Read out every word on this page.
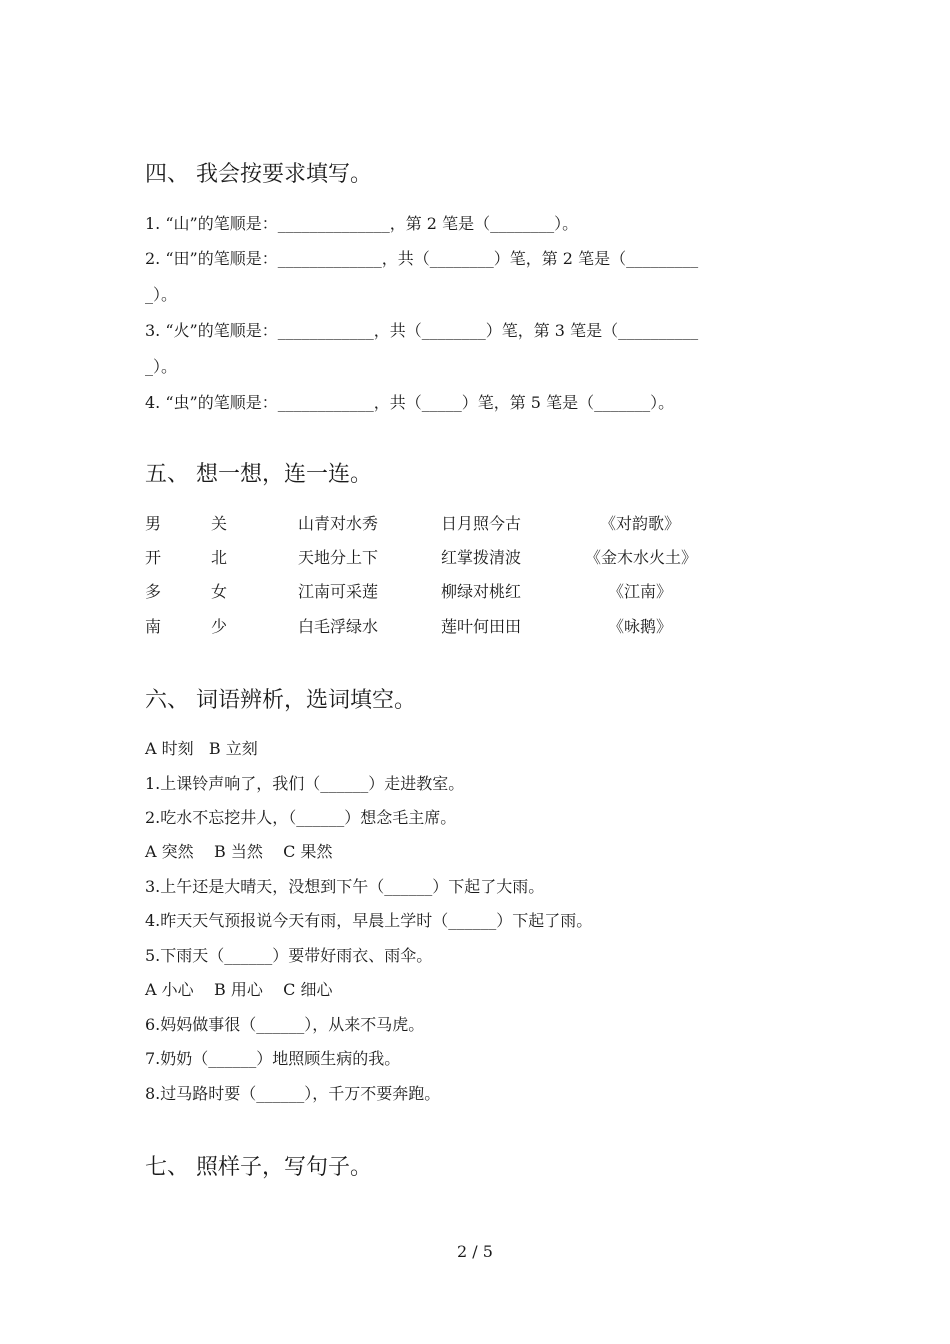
四、 我会按要求填写。
1. “山”的笔顺是：______________，第 2 笔是（________）。
2. “田”的笔顺是：_____________，共（________）笔，第 2 笔是（_________
_）。
3. “火”的笔顺是：____________，共（________）笔，第 3 笔是（__________
_）。
4. “虫”的笔顺是：____________，共（_____）笔，第 5 笔是（_______）。
五、 想一想，连一连。
男	关	山青对水秀	日月照今古	《对韵歌》
开	北	天地分上下	红掌拨清波	《金木水火土》
多	女	江南可采莲	柳绿对桃红	《江南》
南	少	白毛浮绿水	莲叶何田田	《咏鹅》
六、 词语辨析，选词填空。
A 时刻   B 立刻
1.上课铃声响了，我们（______）走进教室。
2.吃水不忘挖井人，（______）想念毛主席。
A 突然    B 当然    C 果然
3.上午还是大晴天，没想到下午（______）下起了大雨。
4.昨天天气预报说今天有雨，早晨上学时（______）下起了雨。
5.下雨天（______）要带好雨衣、雨伞。
A 小心    B 用心    C 细心
6.妈妈做事很（______），从来不马虎。
7.奶奶（______）地照顾生病的我。
8.过马路时要（______），千万不要奔跑。
七、 照样子，写句子。
2 / 5
